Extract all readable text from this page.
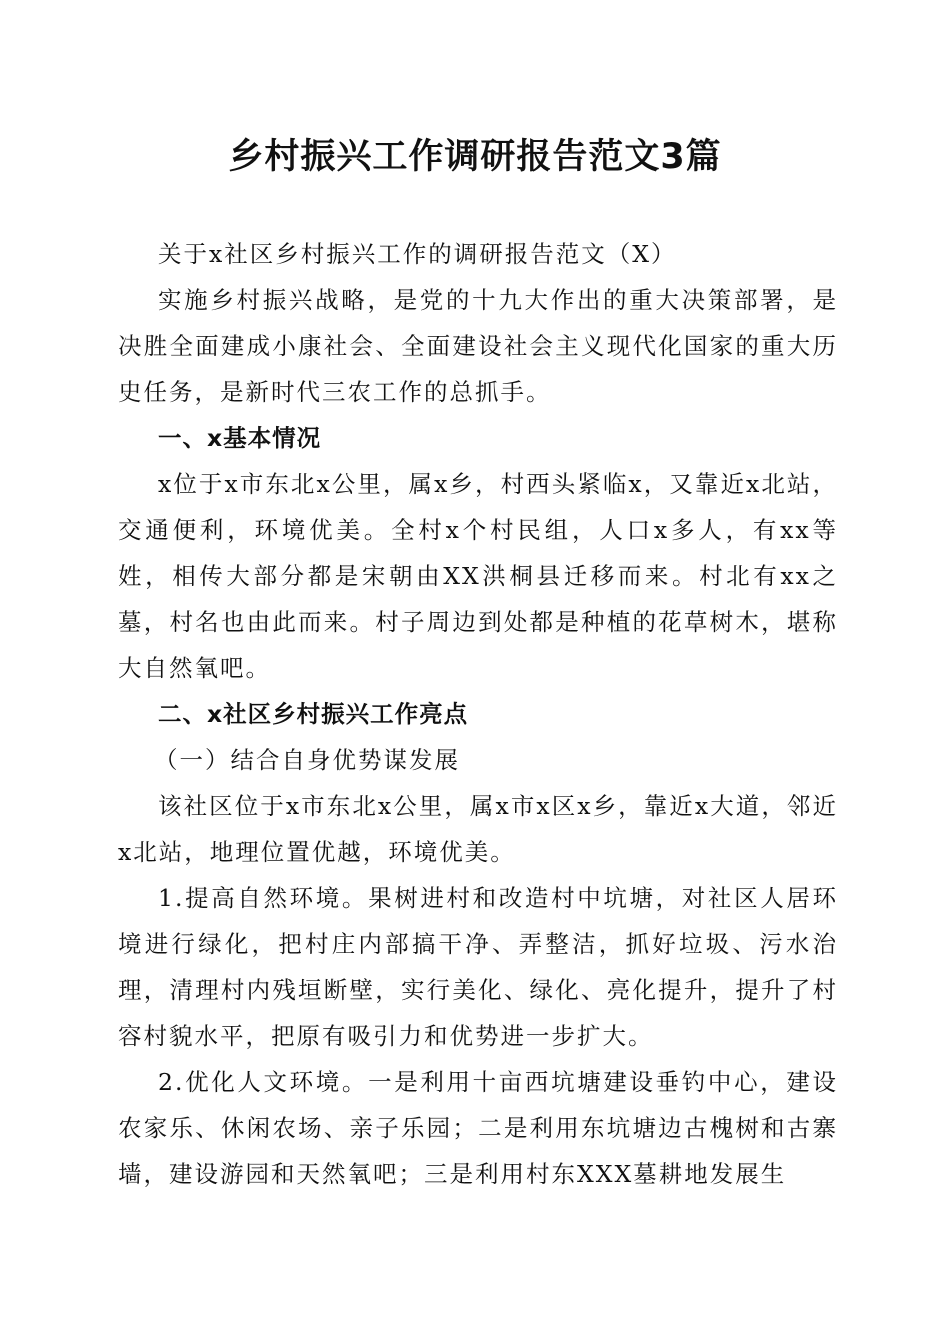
乡村振兴工作调研报告范文3篇

关于x社区乡村振兴工作的调研报告范文（X）

实施乡村振兴战略，是党的十九大作出的重大决策部署，是决胜全面建成小康社会、全面建设社会主义现代化国家的重大历史任务，是新时代三农工作的总抓手。

一、x基本情况

x位于x市东北x公里，属x乡，村西头紧临x，又靠近x北站，交通便利，环境优美。全村x个村民组，人口x多人，有xx等姓，相传大部分都是宋朝由XX洪桐县迁移而来。村北有xx之墓，村名也由此而来。村子周边到处都是种植的花草树木，堪称大自然氧吧。

二、x社区乡村振兴工作亮点

（一）结合自身优势谋发展

该社区位于x市东北x公里，属x市x区x乡，靠近x大道，邻近x北站，地理位置优越，环境优美。

1.提高自然环境。果树进村和改造村中坑塘，对社区人居环境进行绿化，把村庄内部搞干净、弄整洁，抓好垃圾、污水治理，清理村内残垣断壁，实行美化、绿化、亮化提升，提升了村容村貌水平，把原有吸引力和优势进一步扩大。

2.优化人文环境。一是利用十亩西坑塘建设垂钓中心，建设农家乐、休闲农场、亲子乐园；二是利用东坑塘边古槐树和古寨墙，建设游园和天然氧吧；三是利用村东XXX墓耕地发展生
